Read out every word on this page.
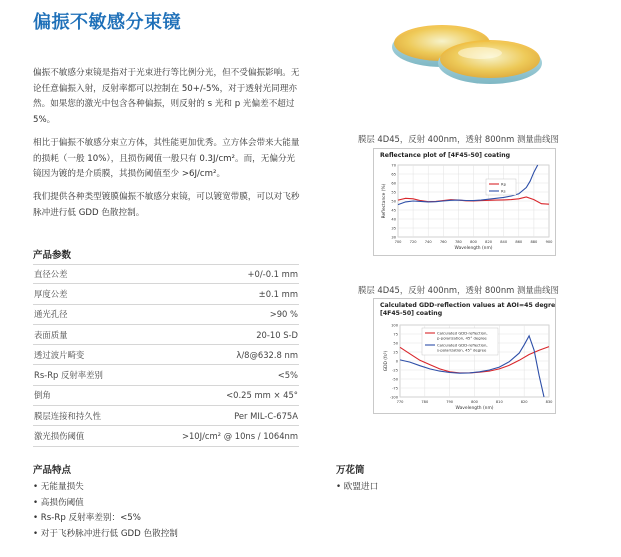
偏振不敏感分束镜
偏振不敏感分束镜是指对于光束进行等比例分光，但不受偏振影响。无论任意偏振入射，反射率都可以控制在 50+/-5%，对于透射光同理亦然。如果您的激光中包含各种偏振，则反射的 s 光和 p 光偏差不超过 5%。
相比于偏振不敏感分束立方体，其性能更加优秀。立方体会带来大能量的损耗（一般 10%），且损伤阈值一般只有 0.3J/cm²。而，无偏分光镜因为镀的是介质膜，其损伤阈值至少 >6J/cm²。
我们提供各种类型镀膜偏振不敏感分束镜，可以镀宽带膜，可以对飞秒脉冲进行低 GDD 色散控制。
产品参数
直径公差	+0/-0.1 mm
厚度公差	±0.1 mm
通光孔径	>90 %
表面质量	20-10 S-D
透过波片畸变	λ/8@632.8 nm
Rs-Rp 反射率差别	<5%
倒角	<0.25 mm × 45°
膜层连接和持久性	Per MIL-C-675A
激光损伤阈值	>10J/cm² @ 10ns / 1064nm
产品特点
• 无能量损失
• 高损伤阈值
• Rs-Rp 反射率差别：<5%
• 对于飞秒脉冲进行低 GDD 色散控制
万花筒
• 欧盟进口
膜层 4D45，反射 400nm，透射 800nm 测量曲线图
Reflectance plot of [4F45-50] coating
700 720 740 760 780 800 820 840 860 880 900
30
35
40
45
50
55
60
65
70
Wavelength (nm)
Reflectance (%)	Rp
Rs
膜层 4D45，反射 400nm，透射 800nm 测量曲线图
Calculated GDD-reflection values at AOI=45 degree
[4F45-50] coating
770	780	790	800	810	820	830
100
75
50
25
0
-25
-50
-75
-100
Wavelength (nm)
GDD (fs²)
Calculated GDD-reflection,
p-polarization, 45° degree
Calculated GDD-reflection,
s-polarization, 45° degree
